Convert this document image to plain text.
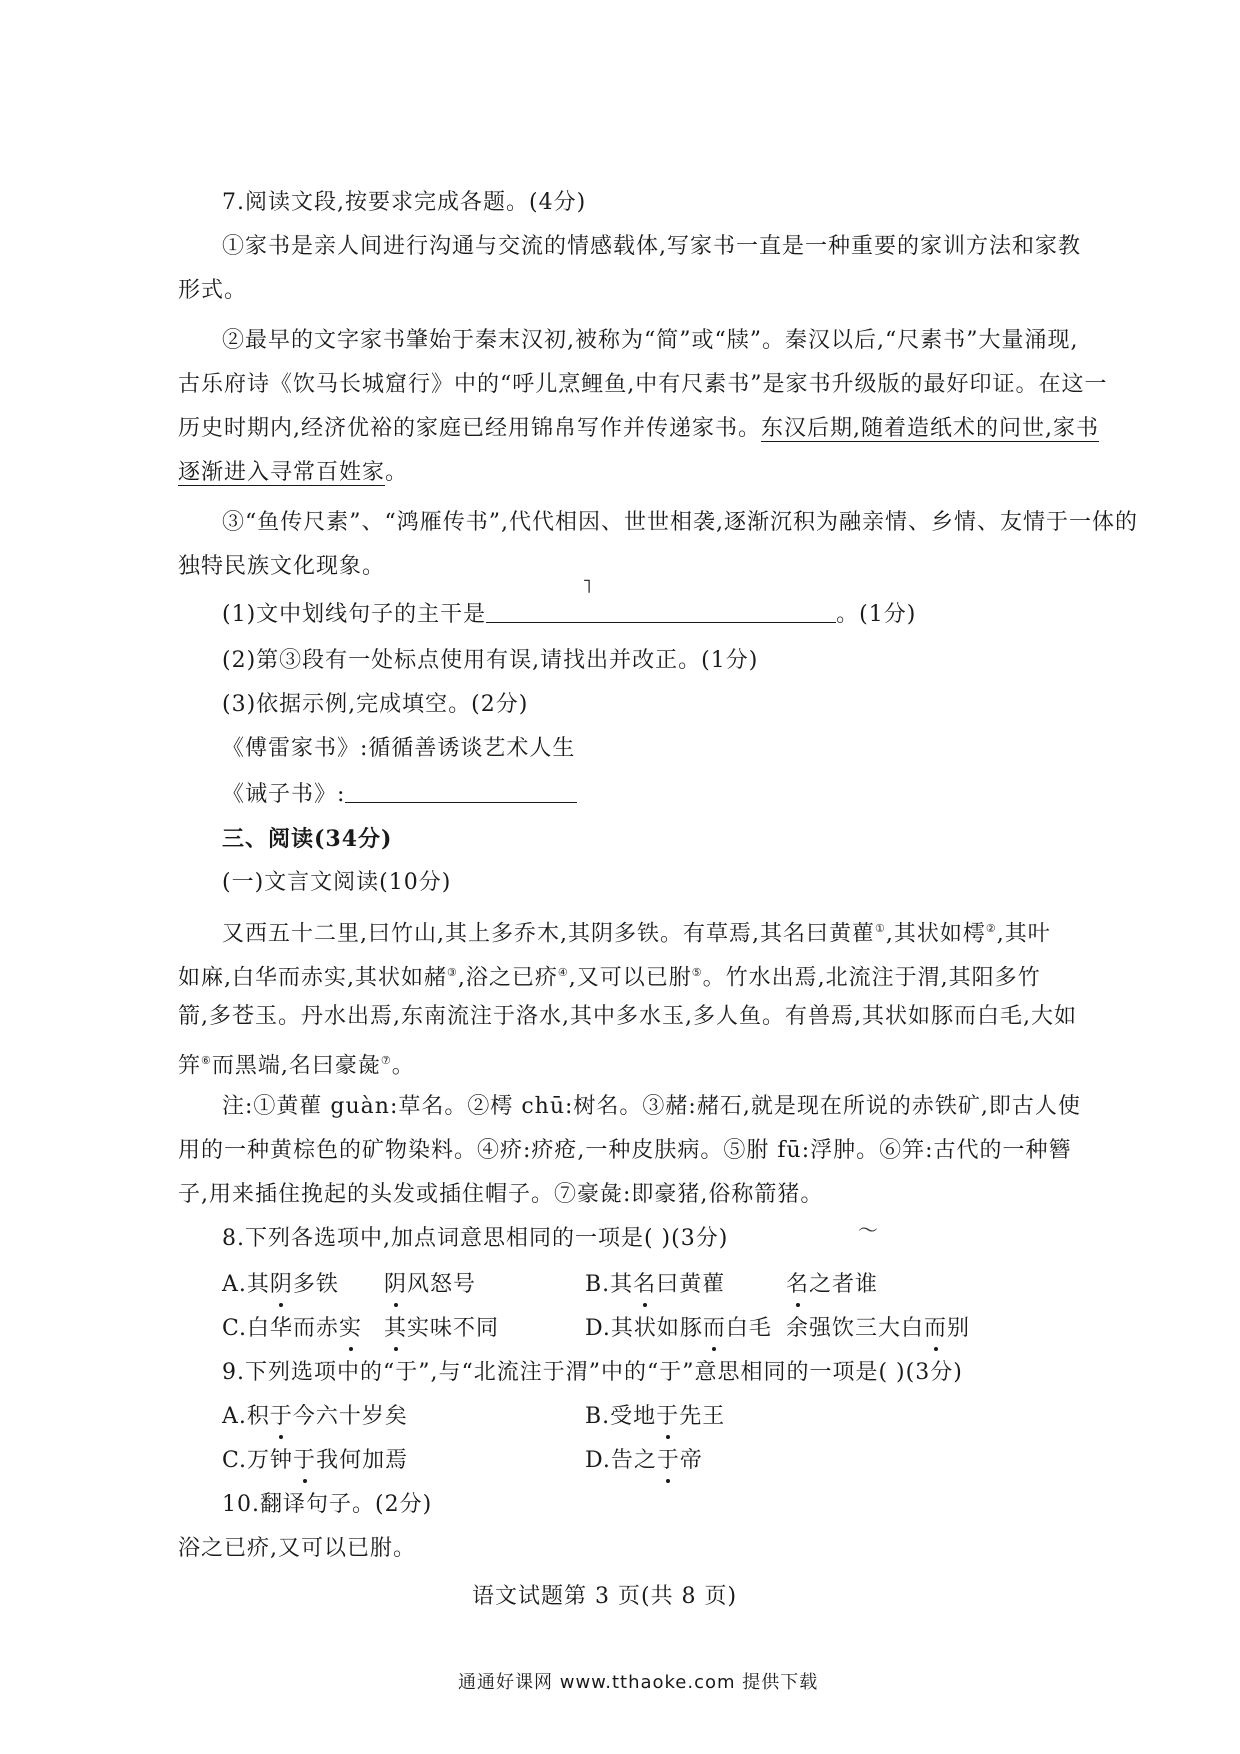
7.阅读文段,按要求完成各题。(4分)
①家书是亲人间进行沟通与交流的情感载体,写家书一直是一种重要的家训方法和家教
形式。
②最早的文字家书肇始于秦末汉初,被称为“简”或“牍”。秦汉以后,“尺素书”大量涌现,
古乐府诗《饮马长城窟行》中的“呼儿烹鲤鱼,中有尺素书”是家书升级版的最好印证。在这一
历史时期内,经济优裕的家庭已经用锦帛写作并传递家书。东汉后期,随着造纸术的问世,家书
逐渐进入寻常百姓家。
③“鱼传尺素”、“鸿雁传书”,代代相因、世世相袭,逐渐沉积为融亲情、乡情、友情于一体的
独特民族文化现象。
˥
(1)文中划线句子的主干是	。(1分)
(2)第③段有一处标点使用有误,请找出并改正。(1分)
(3)依据示例,完成填空。(2分)
《傅雷家书》:循循善诱谈艺术人生
《诫子书》:
三、阅读(34分)
(一)文言文阅读(10分)
又西五十二里,曰竹山,其上多乔木,其阴多铁。有草焉,其名曰黄雚①,其状如樗②,其叶
如麻,白华而赤实,其状如赭③,浴之已疥④,又可以已胕⑤。竹水出焉,北流注于渭,其阳多竹
箭,多苍玉。丹水出焉,东南流注于洛水,其中多水玉,多人鱼。有兽焉,其状如豚而白毛,大如
笄⑥而黑端,名曰豪彘⑦。
注:①黄雚 guàn:草名。②樗 chū:树名。③赭:赭石,就是现在所说的赤铁矿,即古人使
用的一种黄棕色的矿物染料。④疥:疥疮,一种皮肤病。⑤胕 fū:浮肿。⑥笄:古代的一种簪
子,用来插住挽起的头发或插住帽子。⑦豪彘:即豪猪,俗称箭猪。
8.下列各选项中,加点词意思相同的一项是( )(3分)	〜
A.其阴多铁 阴风怒号	B.其名曰黄雚	名之者谁
C.白华而赤实 其实味不同	D.其状如豚而白毛 余强饮三大白而别
9.下列选项中的“于”,与“北流注于渭”中的“于”意思相同的一项是( )(3分)
A.积于今六十岁矣	B.受地于先王
C.万钟于我何加焉	D.告之于帝
10.翻译句子。(2分)
浴之已疥,又可以已胕。
语文试题第 3 页(共 8 页)
通通好课网 www.tthaoke.com 提供下载
